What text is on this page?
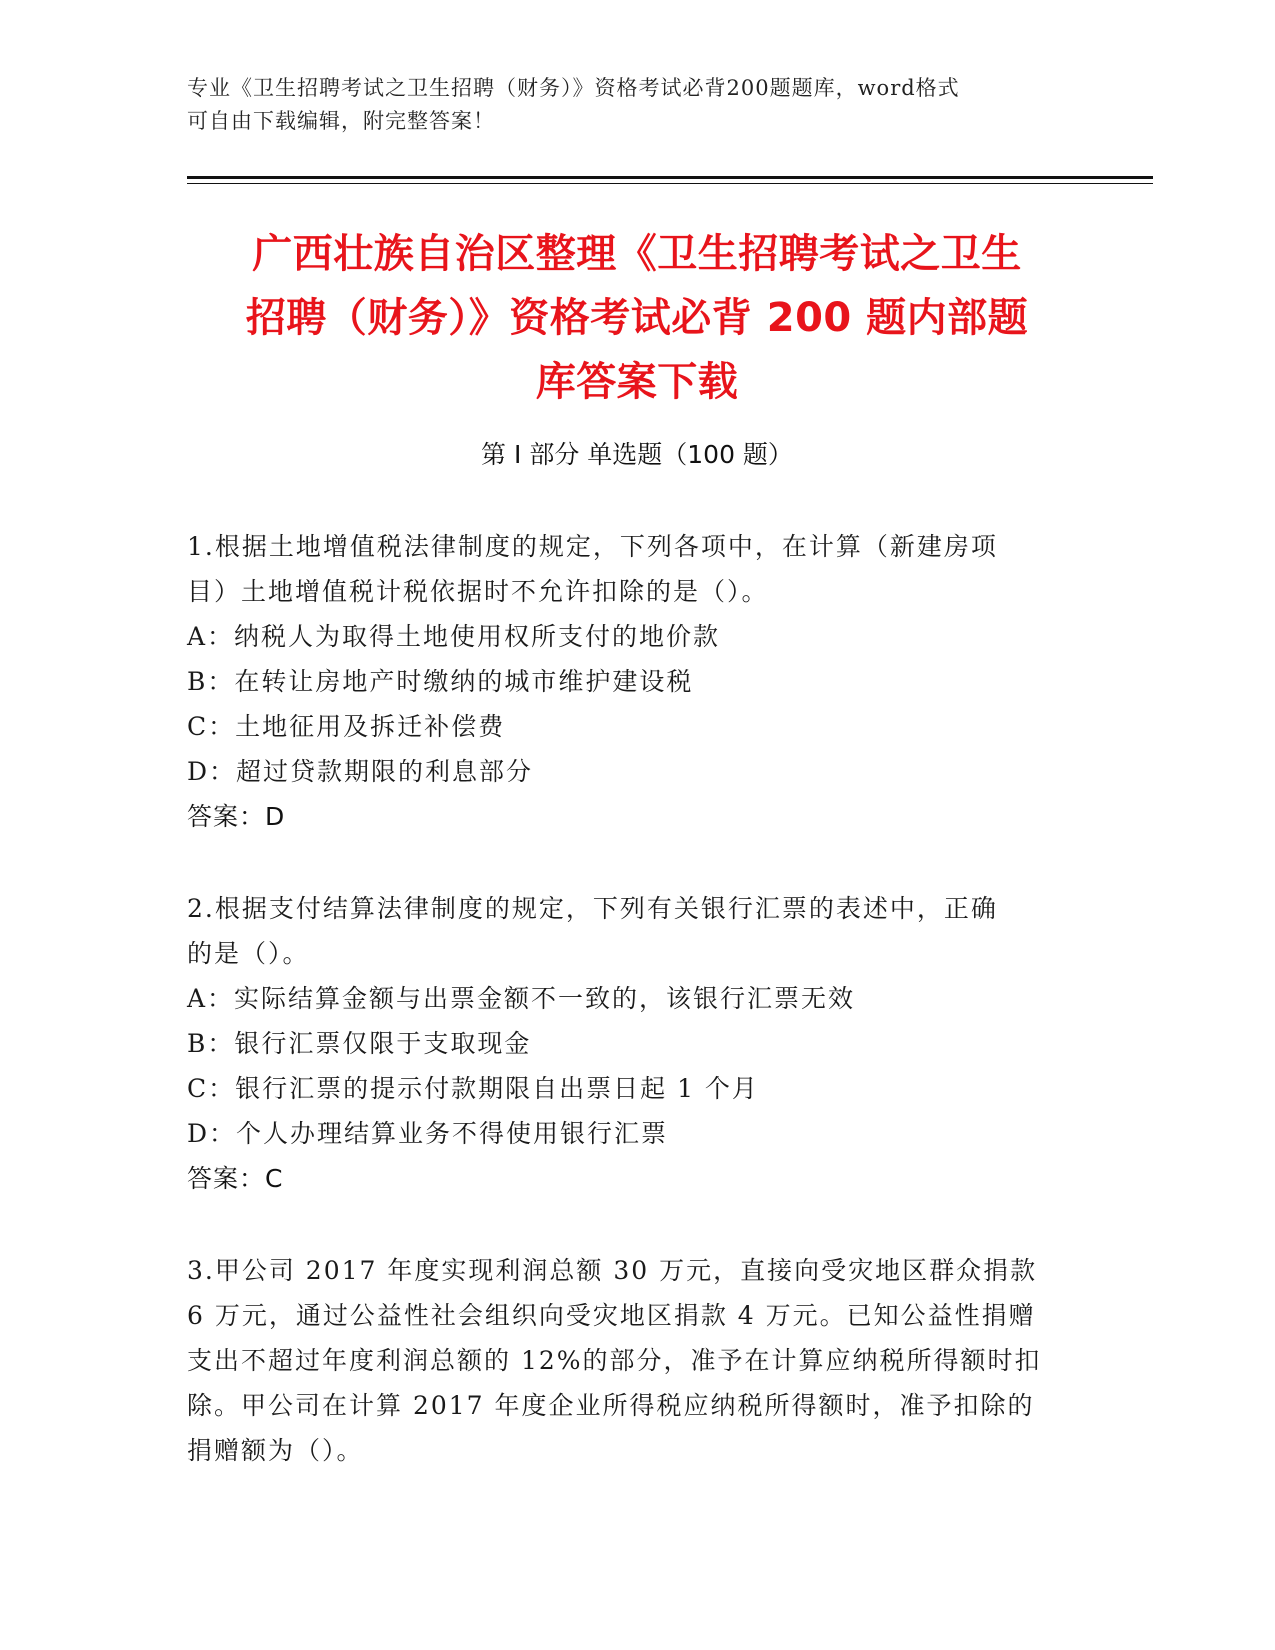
专业《卫生招聘考试之卫生招聘（财务）》资格考试必背200题题库，word格式
可自由下载编辑，附完整答案！
广西壮族自治区整理《卫生招聘考试之卫生
招聘（财务）》资格考试必背 200 题内部题
库答案下载
第 I 部分 单选题（100 题）
1.根据土地增值税法律制度的规定，下列各项中，在计算（新建房项
目）土地增值税计税依据时不允许扣除的是（）。
A：纳税人为取得土地使用权所支付的地价款
B：在转让房地产时缴纳的城市维护建设税
C：土地征用及拆迁补偿费
D：超过贷款期限的利息部分
答案：D
2.根据支付结算法律制度的规定，下列有关银行汇票的表述中，正确
的是（）。
A：实际结算金额与出票金额不一致的，该银行汇票无效
B：银行汇票仅限于支取现金
C：银行汇票的提示付款期限自出票日起 1 个月
D：个人办理结算业务不得使用银行汇票
答案：C
3.甲公司 2017 年度实现利润总额 30 万元，直接向受灾地区群众捐款
6 万元，通过公益性社会组织向受灾地区捐款 4 万元。已知公益性捐赠
支出不超过年度利润总额的 12%的部分，准予在计算应纳税所得额时扣
除。甲公司在计算 2017 年度企业所得税应纳税所得额时，准予扣除的
捐赠额为（）。
